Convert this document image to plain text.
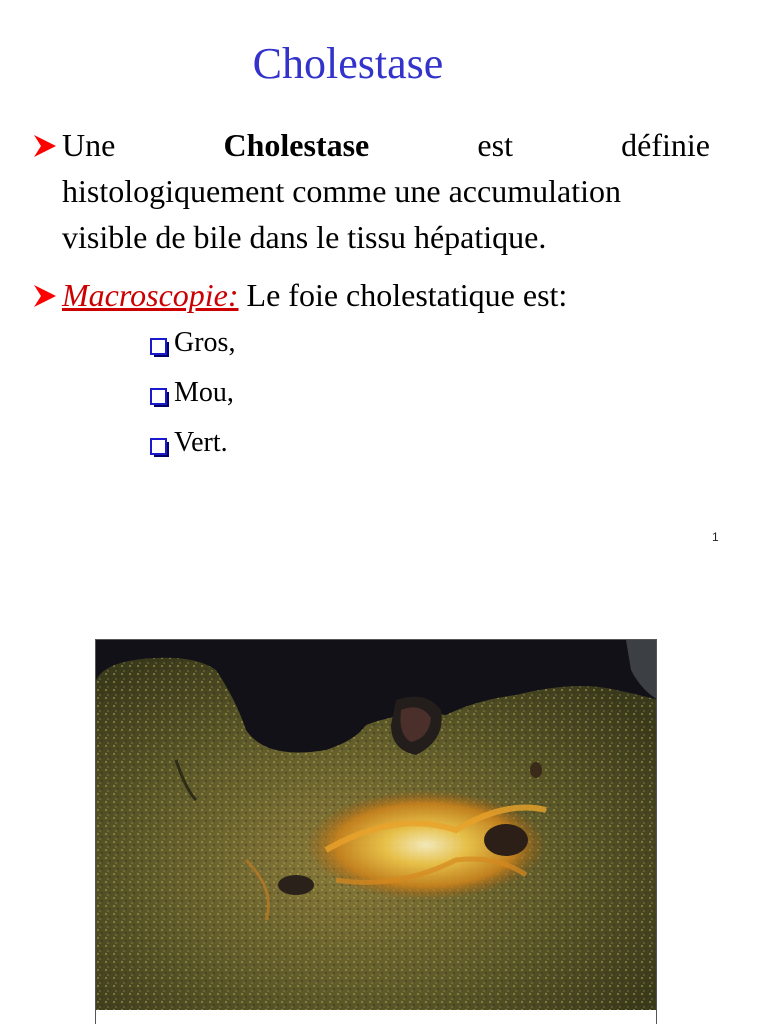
Cholestase
Une	Cholestase	est	définie
histologiquement comme une accumulation
visible de bile dans le tissu hépatique.
Macroscopie: Le foie cholestatique est:
Gros,
Mou,
Vert.
1
